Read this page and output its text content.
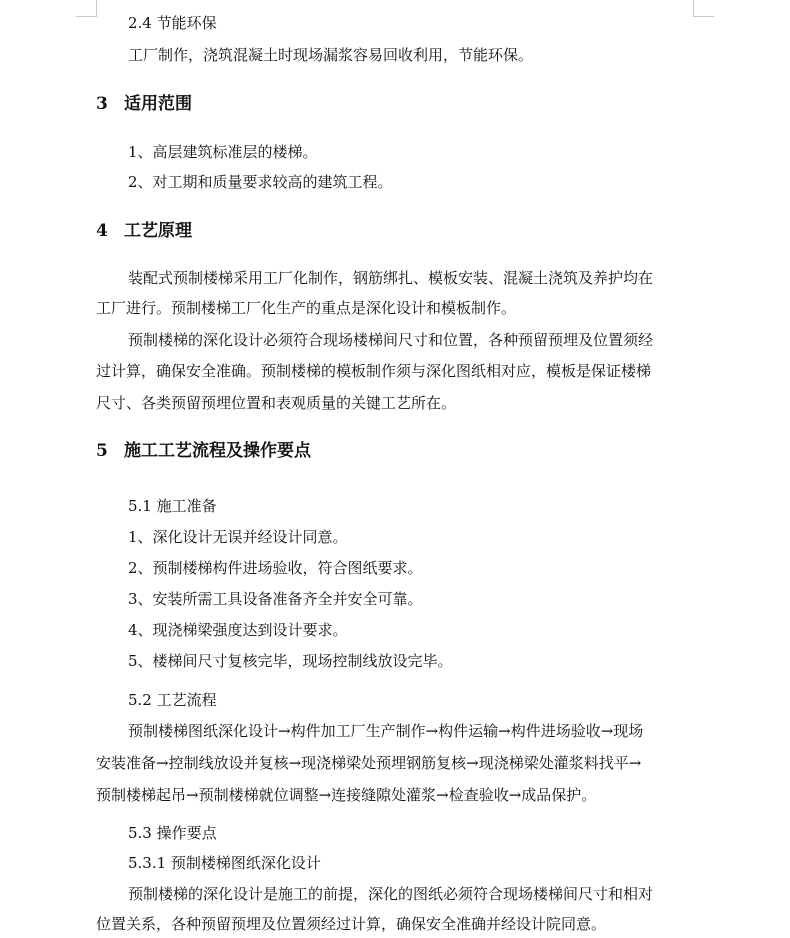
2.4 节能环保
工厂制作，浇筑混凝土时现场漏浆容易回收利用，节能环保。
3 适用范围
1、高层建筑标准层的楼梯。
2、对工期和质量要求较高的建筑工程。
4 工艺原理
装配式预制楼梯采用工厂化制作，钢筋绑扎、模板安装、混凝土浇筑及养护均在
工厂进行。预制楼梯工厂化生产的重点是深化设计和模板制作。
预制楼梯的深化设计必须符合现场楼梯间尺寸和位置，各种预留预埋及位置须经
过计算，确保安全准确。预制楼梯的模板制作须与深化图纸相对应，模板是保证楼梯
尺寸、各类预留预埋位置和表观质量的关键工艺所在。
5 施工工艺流程及操作要点
5.1 施工准备
1、深化设计无误并经设计同意。
2、预制楼梯构件进场验收，符合图纸要求。
3、安装所需工具设备准备齐全并安全可靠。
4、现浇梯梁强度达到设计要求。
5、楼梯间尺寸复核完毕，现场控制线放设完毕。
5.2 工艺流程
预制楼梯图纸深化设计→构件加工厂生产制作→构件运输→构件进场验收→现场
安装准备→控制线放设并复核→现浇梯梁处预埋钢筋复核→现浇梯梁处灌浆料找平→
预制楼梯起吊→预制楼梯就位调整→连接缝隙处灌浆→检查验收→成品保护。
5.3 操作要点
5.3.1 预制楼梯图纸深化设计
预制楼梯的深化设计是施工的前提，深化的图纸必须符合现场楼梯间尺寸和相对
位置关系，各种预留预埋及位置须经过计算，确保安全准确并经设计院同意。
